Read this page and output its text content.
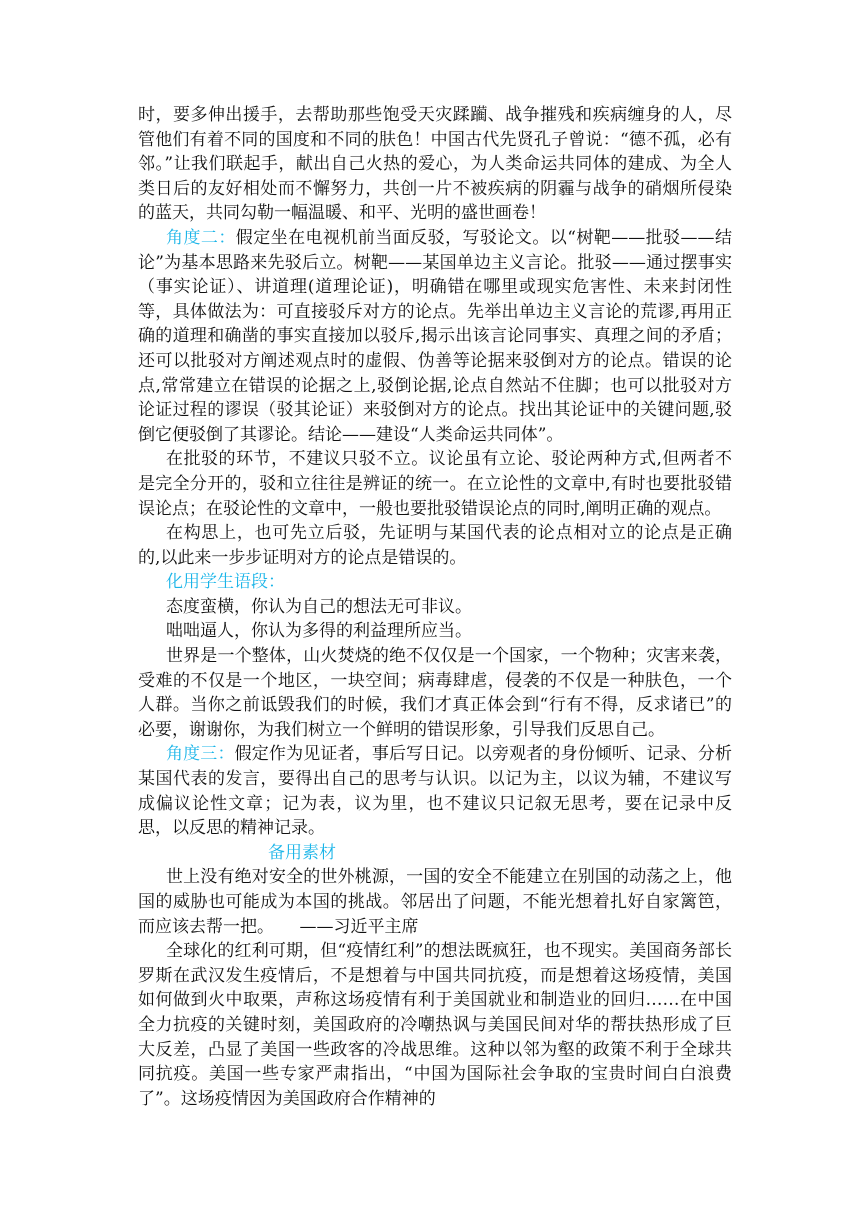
时，要多伸出援手，去帮助那些饱受天灾蹂躏、战争摧残和疾病缠身的人，尽管他们有着不同的国度和不同的肤色！中国古代先贤孔子曾说：“德不孤，必有邻。”让我们联起手，献出自己火热的爱心，为人类命运共同体的建成、为全人类日后的友好相处而不懈努力，共创一片不被疾病的阴霾与战争的硝烟所侵染的蓝天，共同勾勒一幅温暖、和平、光明的盛世画卷！

角度二：假定坐在电视机前当面反驳，写驳论文。以“树靶——批驳——结论”为基本思路来先驳后立。树靶——某国单边主义言论。批驳——通过摆事实（事实论证）、讲道理(道理论证)，明确错在哪里或现实危害性、未来封闭性等，具体做法为：可直接驳斥对方的论点。先举出单边主义言论的荒谬,再用正确的道理和确凿的事实直接加以驳斥,揭示出该言论同事实、真理之间的矛盾；还可以批驳对方阐述观点时的虚假、伪善等论据来驳倒对方的论点。错误的论点,常常建立在错误的论据之上,驳倒论据,论点自然站不住脚；也可以批驳对方论证过程的谬误（驳其论证）来驳倒对方的论点。找出其论证中的关键问题,驳倒它便驳倒了其谬论。结论——建设“人类命运共同体”。

在批驳的环节，不建议只驳不立。议论虽有立论、驳论两种方式,但两者不是完全分开的，驳和立往往是辨证的统一。在立论性的文章中,有时也要批驳错误论点；在驳论性的文章中，一般也要批驳错误论点的同时,阐明正确的观点。

在构思上，也可先立后驳，先证明与某国代表的论点相对立的论点是正确的,以此来一步步证明对方的论点是错误的。

化用学生语段：

态度蛮横，你认为自己的想法无可非议。

咄咄逼人，你认为多得的利益理所应当。

世界是一个整体，山火焚烧的绝不仅仅是一个国家，一个物种；灾害来袭，受难的不仅是一个地区，一块空间；病毒肆虐，侵袭的不仅是一种肤色，一个人群。当你之前诋毁我们的时候，我们才真正体会到“行有不得，反求诸已”的必要，谢谢你，为我们树立一个鲜明的错误形象，引导我们反思自己。

角度三：假定作为见证者，事后写日记。以旁观者的身份倾听、记录、分析某国代表的发言，要得出自己的思考与认识。以记为主，以议为辅，不建议写成偏议论性文章；记为表，议为里，也不建议只记叙无思考，要在记录中反思，以反思的精神记录。

备用素材

世上没有绝对安全的世外桃源，一国的安全不能建立在别国的动荡之上，他国的威胁也可能成为本国的挑战。邻居出了问题，不能光想着扎好自家篱笆，而应该去帮一把。　　——习近平主席

全球化的红利可期，但“疫情红利”的想法既疯狂，也不现实。美国商务部长罗斯在武汉发生疫情后，不是想着与中国共同抗疫，而是想着这场疫情，美国如何做到火中取栗，声称这场疫情有利于美国就业和制造业的回归……在中国全力抗疫的关键时刻，美国政府的冷嘲热讽与美国民间对华的帮扶热形成了巨大反差，凸显了美国一些政客的冷战思维。这种以邻为壑的政策不利于全球共同抗疫。美国一些专家严肃指出，“中国为国际社会争取的宝贵时间白白浪费了”。这场疫情因为美国政府合作精神的
